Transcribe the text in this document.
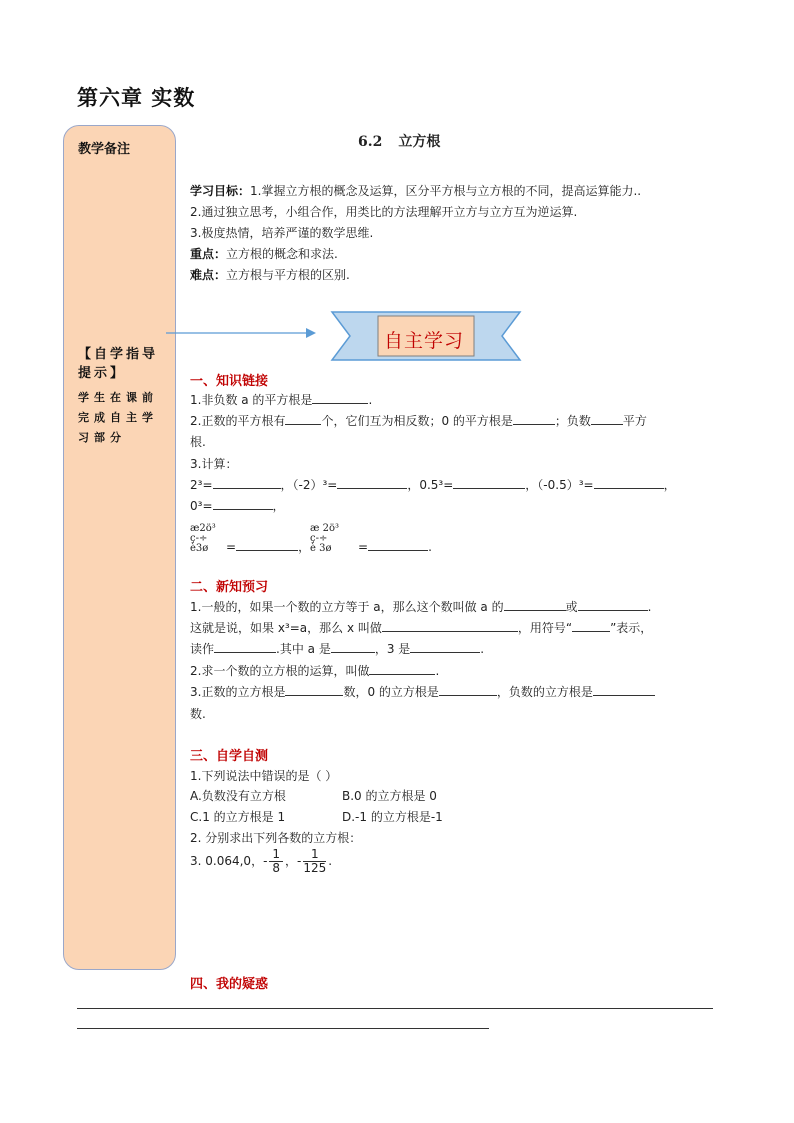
第六章 实数
教学备注
【自学指导提示】
学生在课前完成自主学习部分
6.2 立方根
学习目标：1.掌握立方根的概念及运算，区分平方根与立方根的不同，提高运算能力..
2.通过独立思考，小组合作，用类比的方法理解开立方与立方互为逆运算.
3.极度热情，培养严谨的数学思维.
重点：立方根的概念和求法.
难点：立方根与平方根的区别.
自主学习
一、知识链接
1.非负数 a 的平方根是	.
2.正数的平方根有	个，它们互为相反数；0 的平方根是	；负数	平方
根.
3.计算：
2³=	，（-2）³=	，0.5³=	，（-0.5）³=	，
0³=	，
æ2ö³
ç-÷
è3ø	=	，
æ 2ö³
ç-÷
è 3ø	=	.
二、新知预习
1.一般的，如果一个数的立方等于 a，那么这个数叫做 a 的	或	.
这就是说，如果 x³=a，那么 x 叫做	，用符号“	”表示，
读作	.其中 a 是	，3 是	.
2.求一个数的立方根的运算，叫做	.
3.正数的立方根是	数，0 的立方根是	，负数的立方根是
数.
三、自学自测
1.下列说法中错误的是（ ）
A.负数没有立方根	B.0 的立方根是 0
C.1 的立方根是 1	D.-1 的立方根是-1
2. 分别求出下列各数的立方根：
3. 0.064,0，- $\frac{1}{8}$ ，- $\frac{1}{125}$ .
四、我的疑惑
